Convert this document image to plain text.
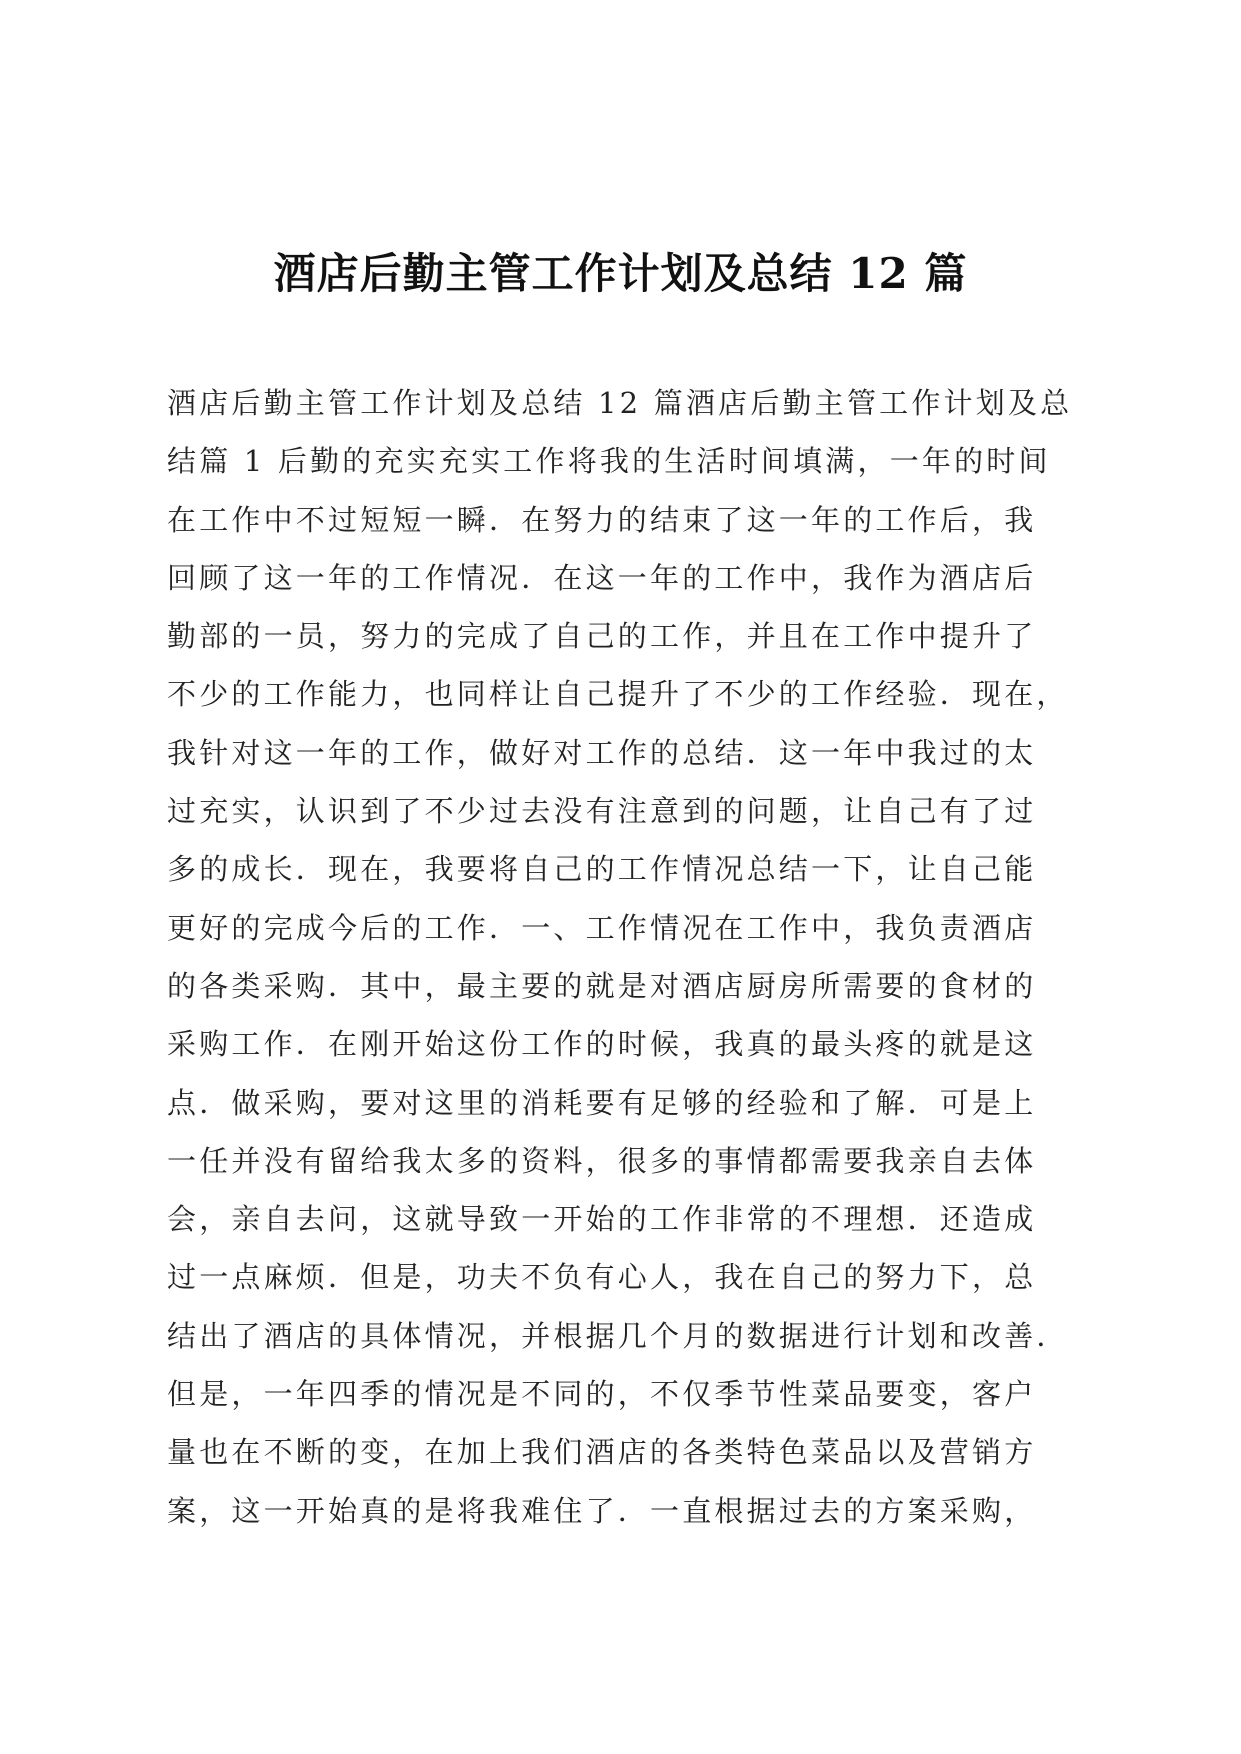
酒店后勤主管工作计划及总结 12 篇
酒店后勤主管工作计划及总结 12 篇酒店后勤主管工作计划及总
结篇 1 后勤的充实充实工作将我的生活时间填满，一年的时间
在工作中不过短短一瞬．在努力的结束了这一年的工作后，我
回顾了这一年的工作情况．在这一年的工作中，我作为酒店后
勤部的一员，努力的完成了自己的工作，并且在工作中提升了
不少的工作能力，也同样让自己提升了不少的工作经验．现在，
我针对这一年的工作，做好对工作的总结．这一年中我过的太
过充实，认识到了不少过去没有注意到的问题，让自己有了过
多的成长．现在，我要将自己的工作情况总结一下，让自己能
更好的完成今后的工作．一、工作情况在工作中，我负责酒店
的各类采购．其中，最主要的就是对酒店厨房所需要的食材的
采购工作．在刚开始这份工作的时候，我真的最头疼的就是这
点．做采购，要对这里的消耗要有足够的经验和了解．可是上
一任并没有留给我太多的资料，很多的事情都需要我亲自去体
会，亲自去问，这就导致一开始的工作非常的不理想．还造成
过一点麻烦．但是，功夫不负有心人，我在自己的努力下，总
结出了酒店的具体情况，并根据几个月的数据进行计划和改善．
但是，一年四季的情况是不同的，不仅季节性菜品要变，客户
量也在不断的变，在加上我们酒店的各类特色菜品以及营销方
案，这一开始真的是将我难住了．一直根据过去的方案采购，
